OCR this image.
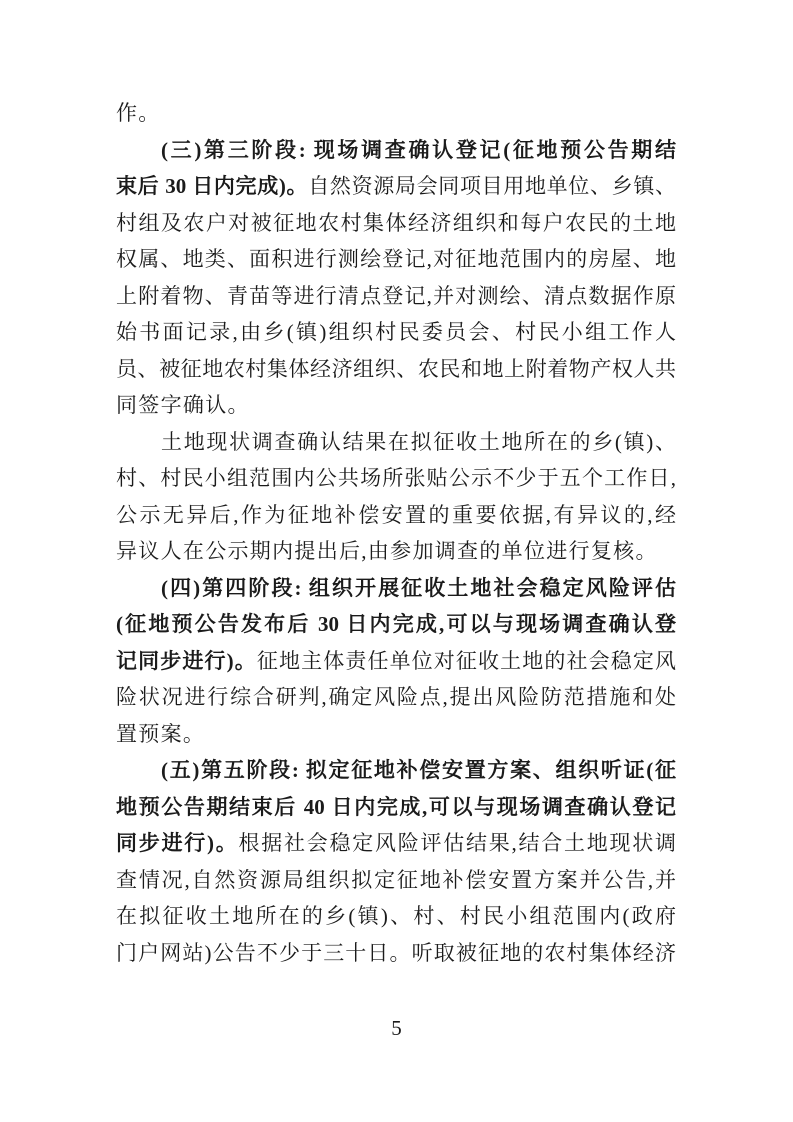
作。
(三)第三阶段: 现场调查确认登记(征地预公告期结
束后 30 日内完成)。自然资源局会同项目用地单位、乡镇、
村组及农户对被征地农村集体经济组织和每户农民的土地
权属、地类、面积进行测绘登记,对征地范围内的房屋、地
上附着物、青苗等进行清点登记,并对测绘、清点数据作原
始书面记录,由乡(镇)组织村民委员会、村民小组工作人
员、被征地农村集体经济组织、农民和地上附着物产权人共
同签字确认。
土地现状调查确认结果在拟征收土地所在的乡(镇)、
村、村民小组范围内公共场所张贴公示不少于五个工作日,
公示无异后,作为征地补偿安置的重要依据,有异议的,经
异议人在公示期内提出后,由参加调查的单位进行复核。
(四)第四阶段: 组织开展征收土地社会稳定风险评估
(征地预公告发布后 30 日内完成,可以与现场调查确认登
记同步进行)。征地主体责任单位对征收土地的社会稳定风
险状况进行综合研判,确定风险点,提出风险防范措施和处
置预案。
(五)第五阶段: 拟定征地补偿安置方案、组织听证(征
地预公告期结束后 40 日内完成,可以与现场调查确认登记
同步进行)。根据社会稳定风险评估结果,结合土地现状调
查情况,自然资源局组织拟定征地补偿安置方案并公告,并
在拟征收土地所在的乡(镇)、村、村民小组范围内(政府
门户网站)公告不少于三十日。听取被征地的农村集体经济
5
